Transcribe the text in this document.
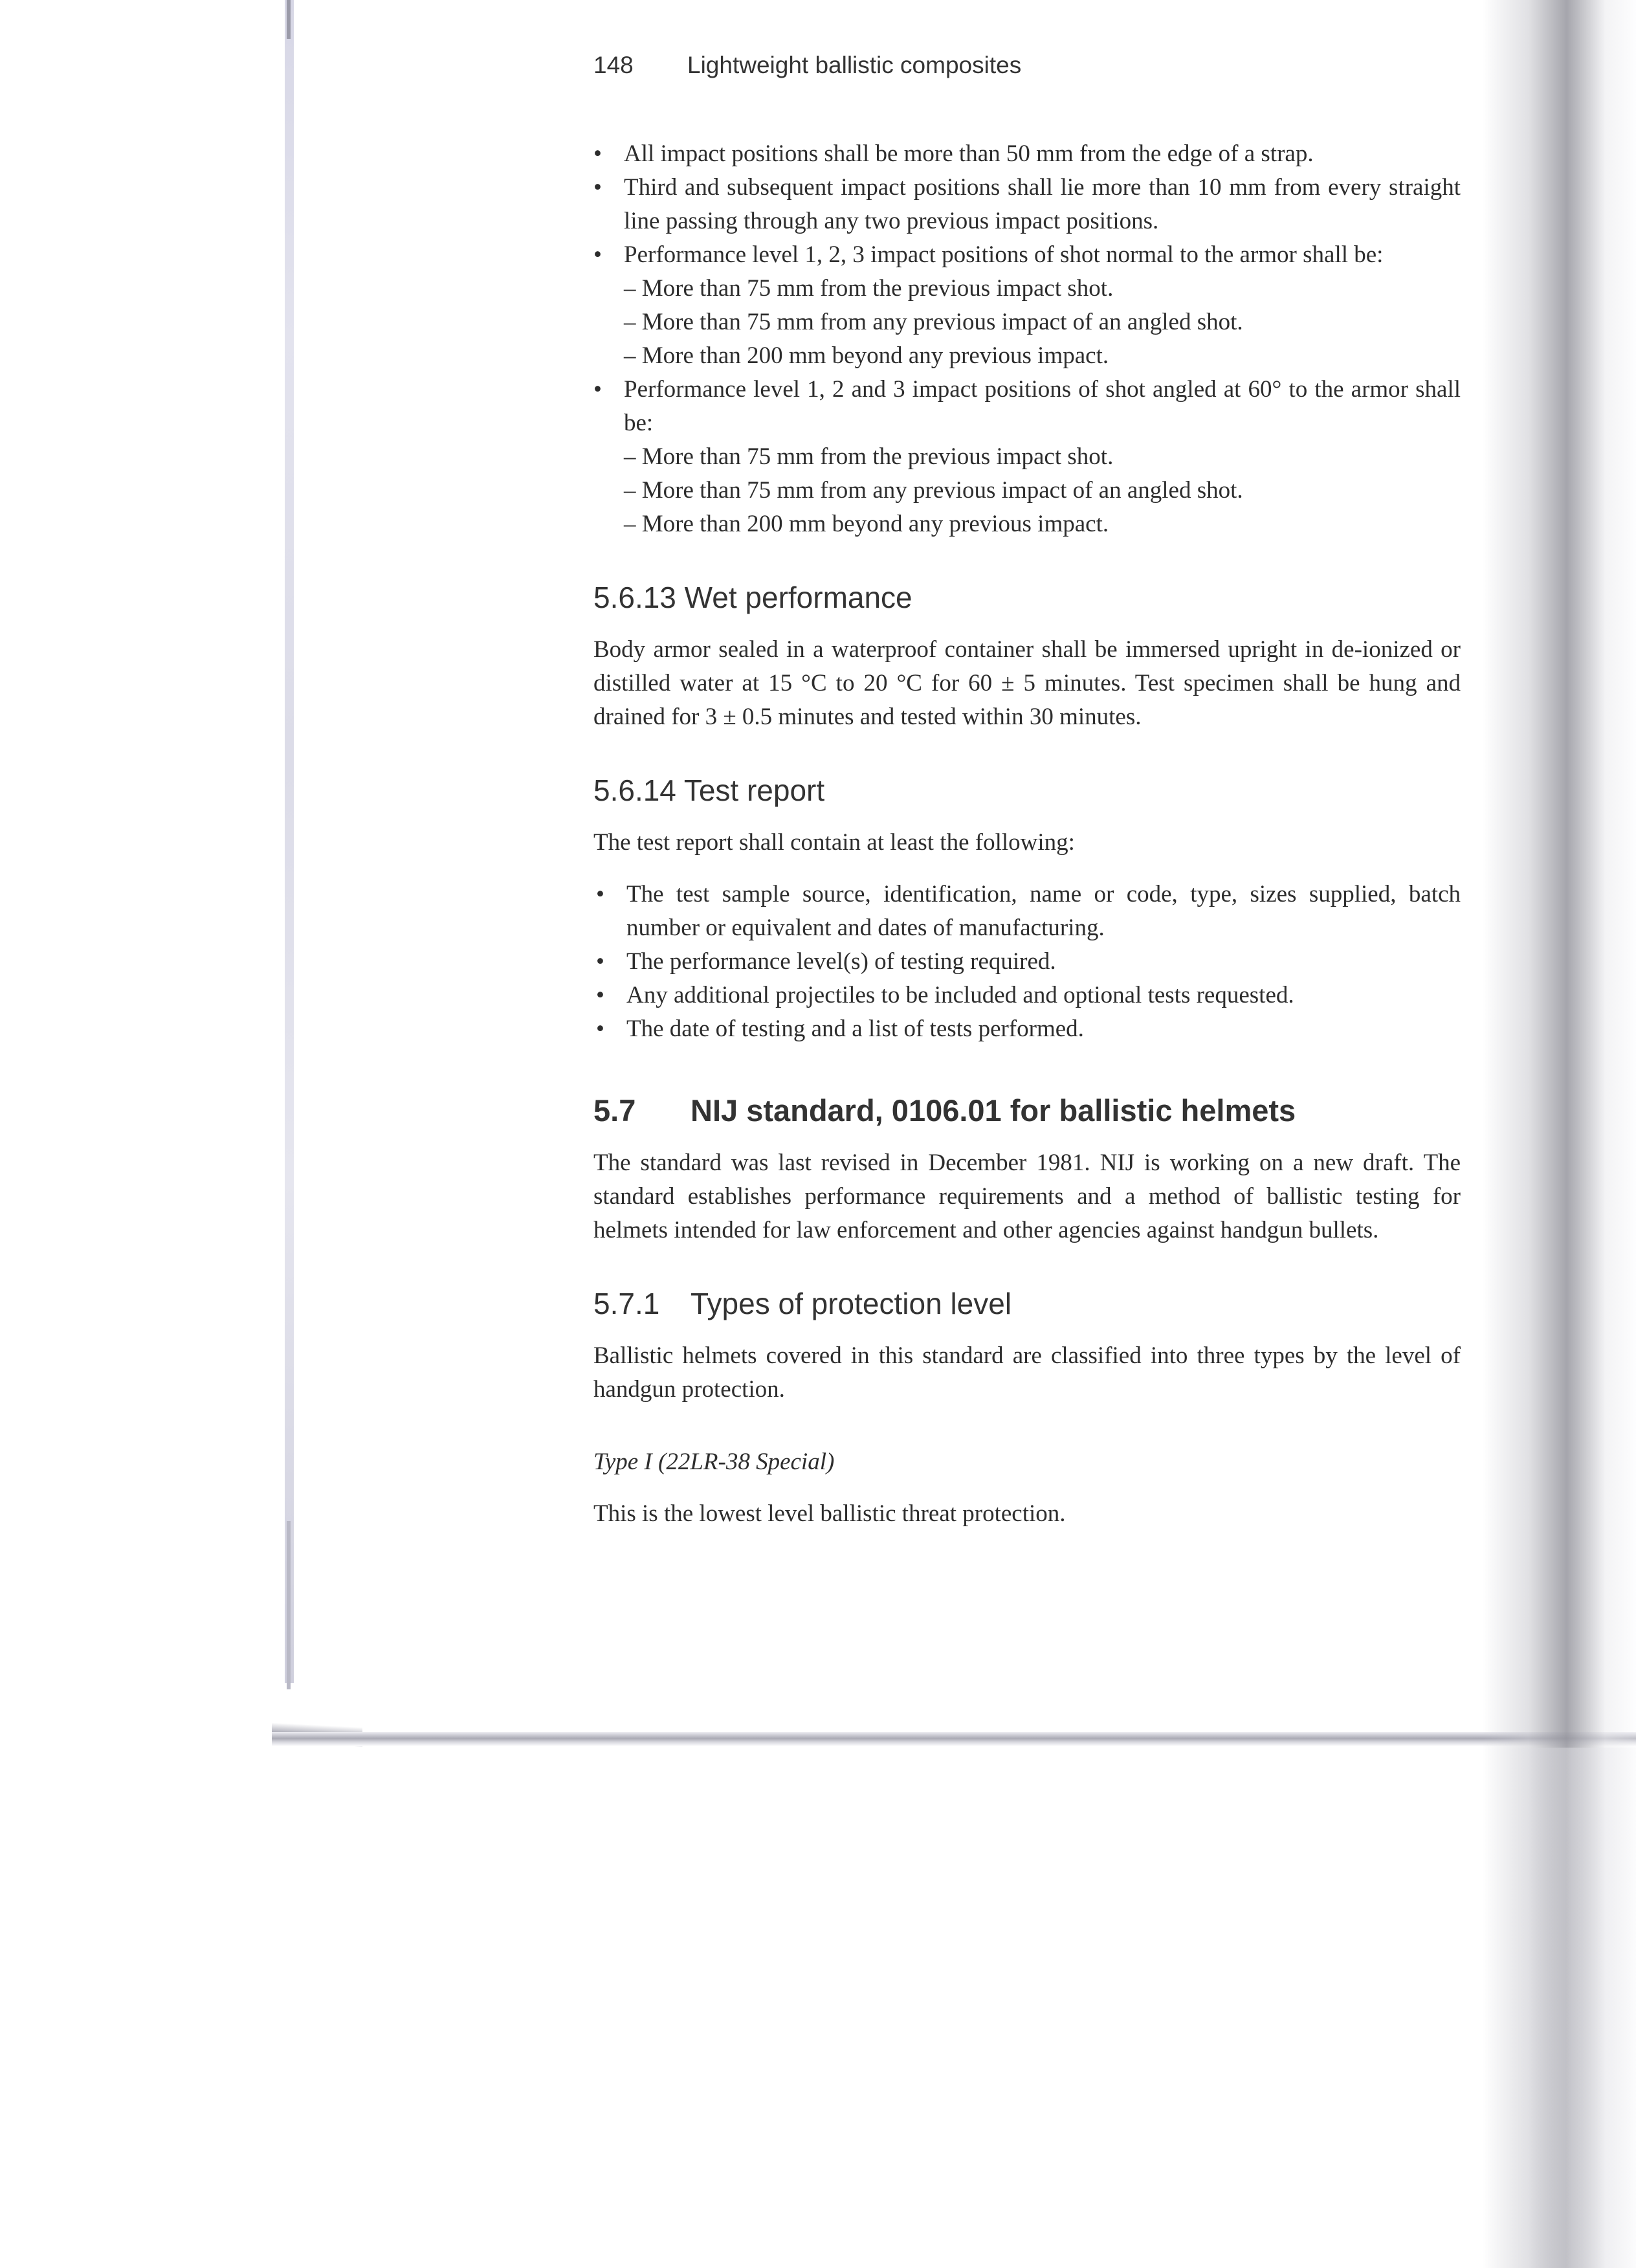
148 Lightweight ballistic composites
• All impact positions shall be more than 50 mm from the edge of a strap.
• Third and subsequent impact positions shall lie more than 10 mm from every straight line passing through any two previous impact positions.
• Performance level 1, 2, 3 impact positions of shot normal to the armor shall be:
– More than 75 mm from the previous impact shot.
– More than 75 mm from any previous impact of an angled shot.
– More than 200 mm beyond any previous impact.
• Performance level 1, 2 and 3 impact positions of shot angled at 60° to the armor shall be:
– More than 75 mm from the previous impact shot.
– More than 75 mm from any previous impact of an angled shot.
– More than 200 mm beyond any previous impact.
5.6.13 Wet performance

Body armor sealed in a waterproof container shall be immersed upright in de-ionized or distilled water at 15 °C to 20 °C for 60 ± 5 minutes. Test specimen shall be hung and drained for 3 ± 0.5 minutes and tested within 30 minutes.

5.6.14 Test report

The test report shall contain at least the following:

• The test sample source, identification, name or code, type, sizes supplied, batch number or equivalent and dates of manufacturing.
• The performance level(s) of testing required.
• Any additional projectiles to be included and optional tests requested.
• The date of testing and a list of tests performed.
5.7 NIJ standard, 0106.01 for ballistic helmets

The standard was last revised in December 1981. NIJ is working on a new draft. The standard establishes performance requirements and a method of ballistic testing for helmets intended for law enforcement and other agencies against handgun bullets.

5.7.1 Types of protection level

Ballistic helmets covered in this standard are classified into three types by the level of handgun protection.

Type I (22LR-38 Special)

This is the lowest level ballistic threat protection.
